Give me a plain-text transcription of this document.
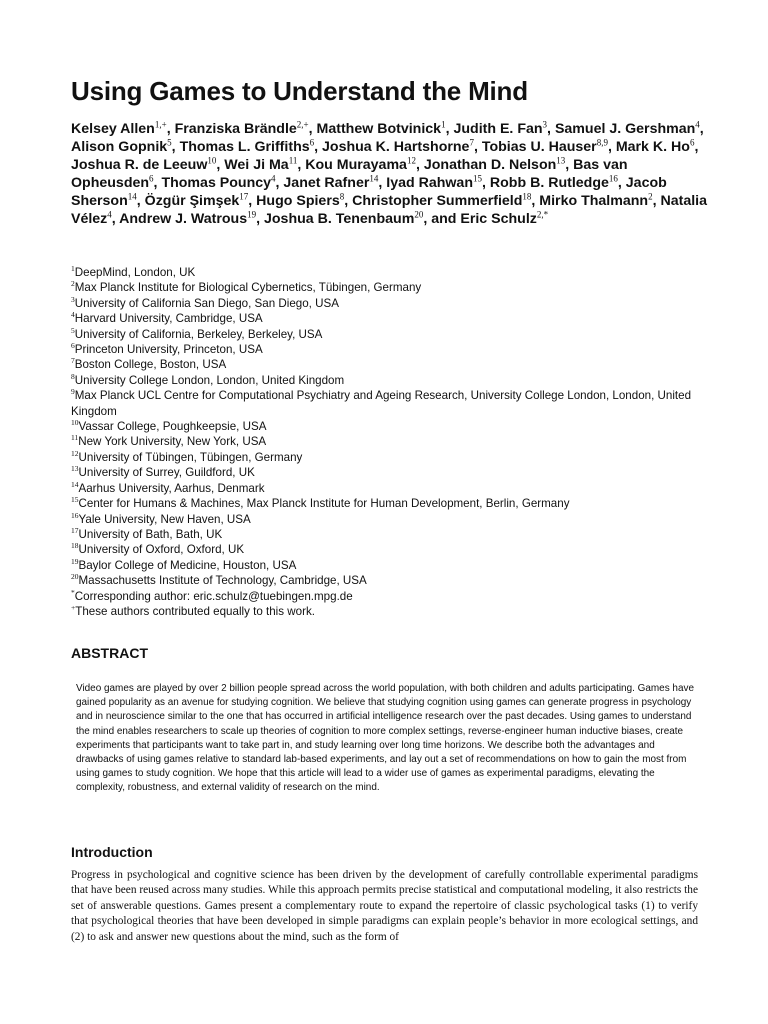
Using Games to Understand the Mind

Kelsey Allen$^{1,+}$, Franziska Brändle$^{2,+}$, Matthew Botvinick$^1$, Judith E. Fan$^3$, Samuel J. Gershman$^4$, Alison Gopnik$^5$, Thomas L. Griffiths$^6$, Joshua K. Hartshorne$^7$, Tobias U. Hauser$^{8,9}$, Mark K. Ho$^6$, Joshua R. de Leeuw$^{10}$, Wei Ji Ma$^{11}$, Kou Murayama$^{12}$, Jonathan D. Nelson$^{13}$, Bas van Opheusden$^6$, Thomas Pouncy$^4$, Janet Rafner$^{14}$, Iyad Rahwan$^{15}$, Robb B. Rutledge$^{16}$, Jacob Sherson$^{14}$, Özgür Şimşek$^{17}$, Hugo Spiers$^8$, Christopher Summerfield$^{18}$, Mirko Thalmann$^2$, Natalia Vélez$^4$, Andrew J. Watrous$^{19}$, Joshua B. Tenenbaum$^{20}$, and Eric Schulz$^{2,*}$

$^1$DeepMind, London, UK

$^2$Max Planck Institute for Biological Cybernetics, Tübingen, Germany

$^3$University of California San Diego, San Diego, USA

$^4$Harvard University, Cambridge, USA

$^5$University of California, Berkeley, Berkeley, USA

$^6$Princeton University, Princeton, USA

$^7$Boston College, Boston, USA

$^8$University College London, London, United Kingdom

$^9$Max Planck UCL Centre for Computational Psychiatry and Ageing Research, University College London, London, United Kingdom

$^{10}$Vassar College, Poughkeepsie, USA

$^{11}$New York University, New York, USA

$^{12}$University of Tübingen, Tübingen, Germany

$^{13}$University of Surrey, Guildford, UK

$^{14}$Aarhus University, Aarhus, Denmark

$^{15}$Center for Humans & Machines, Max Planck Institute for Human Development, Berlin, Germany

$^{16}$Yale University, New Haven, USA

$^{17}$University of Bath, Bath, UK

$^{18}$University of Oxford, Oxford, UK

$^{19}$Baylor College of Medicine, Houston, USA

$^{20}$Massachusetts Institute of Technology, Cambridge, USA

*Corresponding author: eric.schulz@tuebingen.mpg.de

+These authors contributed equally to this work.

ABSTRACT

Video games are played by over 2 billion people spread across the world population, with both children and adults participating. Games have gained popularity as an avenue for studying cognition. We believe that studying cognition using games can generate progress in psychology and in neuroscience similar to the one that has occurred in artificial intelligence research over the past decades. Using games to understand the mind enables researchers to scale up theories of cognition to more complex settings, reverse-engineer human inductive biases, create experiments that participants want to take part in, and study learning over long time horizons. We describe both the advantages and drawbacks of using games relative to standard lab-based experiments, and lay out a set of recommendations on how to gain the most from using games to study cognition. We hope that this article will lead to a wider use of games as experimental paradigms, elevating the complexity, robustness, and external validity of research on the mind.

Introduction

Progress in psychological and cognitive science has been driven by the development of carefully controllable experimental paradigms that have been reused across many studies. While this approach permits precise statistical and computational modeling, it also restricts the set of answerable questions. Games present a complementary route to expand the repertoire of classic psychological tasks (1) to verify that psychological theories that have been developed in simple paradigms can explain people’s behavior in more ecological settings, and (2) to ask and answer new questions about the mind, such as the form of
